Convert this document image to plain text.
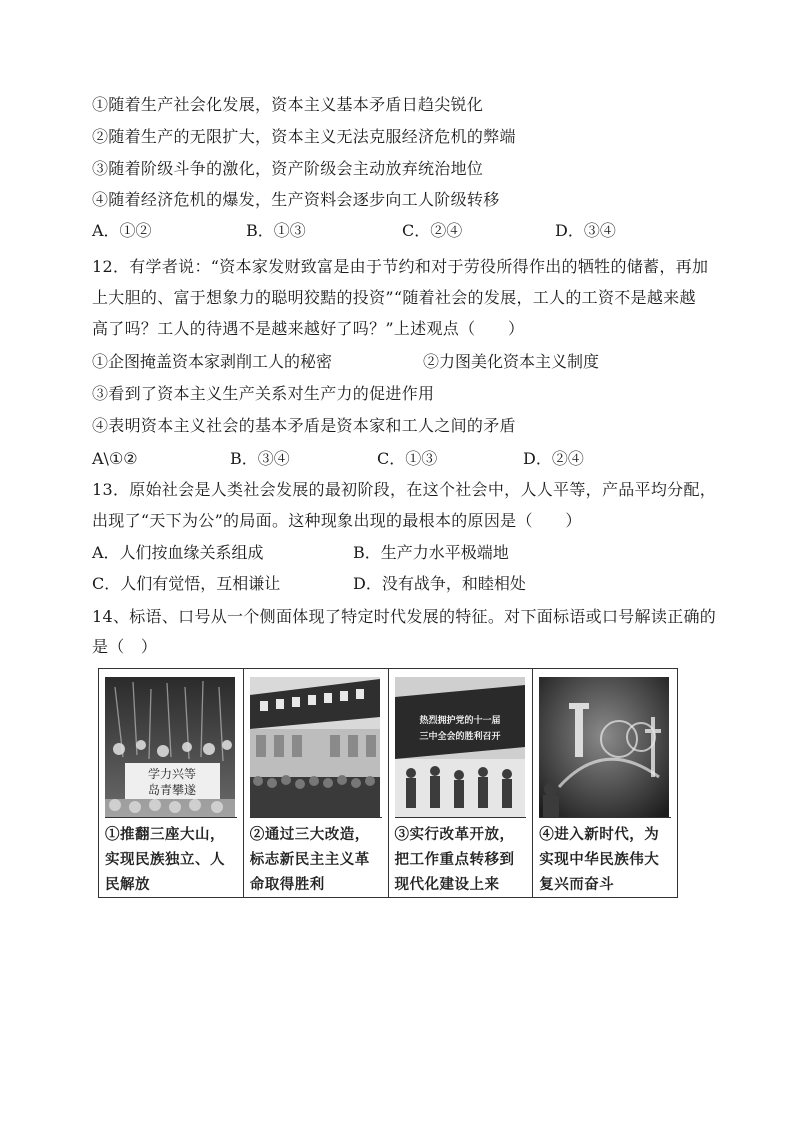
①随着生产社会化发展，资本主义基本矛盾日趋尖锐化
②随着生产的无限扩大，资本主义无法克服经济危机的弊端
③随着阶级斗争的激化，资产阶级会主动放弃统治地位
④随着经济危机的爆发，生产资料会逐步向工人阶级转移
A．①②	B．①③	C．②④	D．③④
12．有学者说：“资本家发财致富是由于节约和对于劳役所得作出的牺牲的储蓄，再加
上大胆的、富于想象力的聪明狡黠的投资”“随着社会的发展，工人的工资不是越来越
高了吗？工人的待遇不是越来越好了吗？”上述观点（　　）
①企图掩盖资本家剥削工人的秘密	②力图美化资本主义制度
③看到了资本主义生产关系对生产力的促进作用
④表明资本主义社会的基本矛盾是资本家和工人之间的矛盾
A\①②	B．③④	C．①③	D．②④
13．原始社会是人类社会发展的最初阶段，在这个社会中，人人平等，产品平均分配，
出现了“天下为公”的局面。这种现象出现的最根本的原因是（　　）
A．人们按血缘关系组成	B．生产力水平极端地
C．人们有觉悟，互相谦让	D．没有战争，和睦相处
14、标语、口号从一个侧面体现了特定时代发展的特征。对下面标语或口号解读正确的
是（　）
学力兴等
岛青攀遂
①推翻三座大山，实现民族独立、人民解放
②通过三大改造，标志新民主主义革命取得胜利
热烈拥护党的十一届
三中全会的胜利召开
③实行改革开放，把工作重点转移到现代化建设上来
④进入新时代，为实现中华民族伟大复兴而奋斗
